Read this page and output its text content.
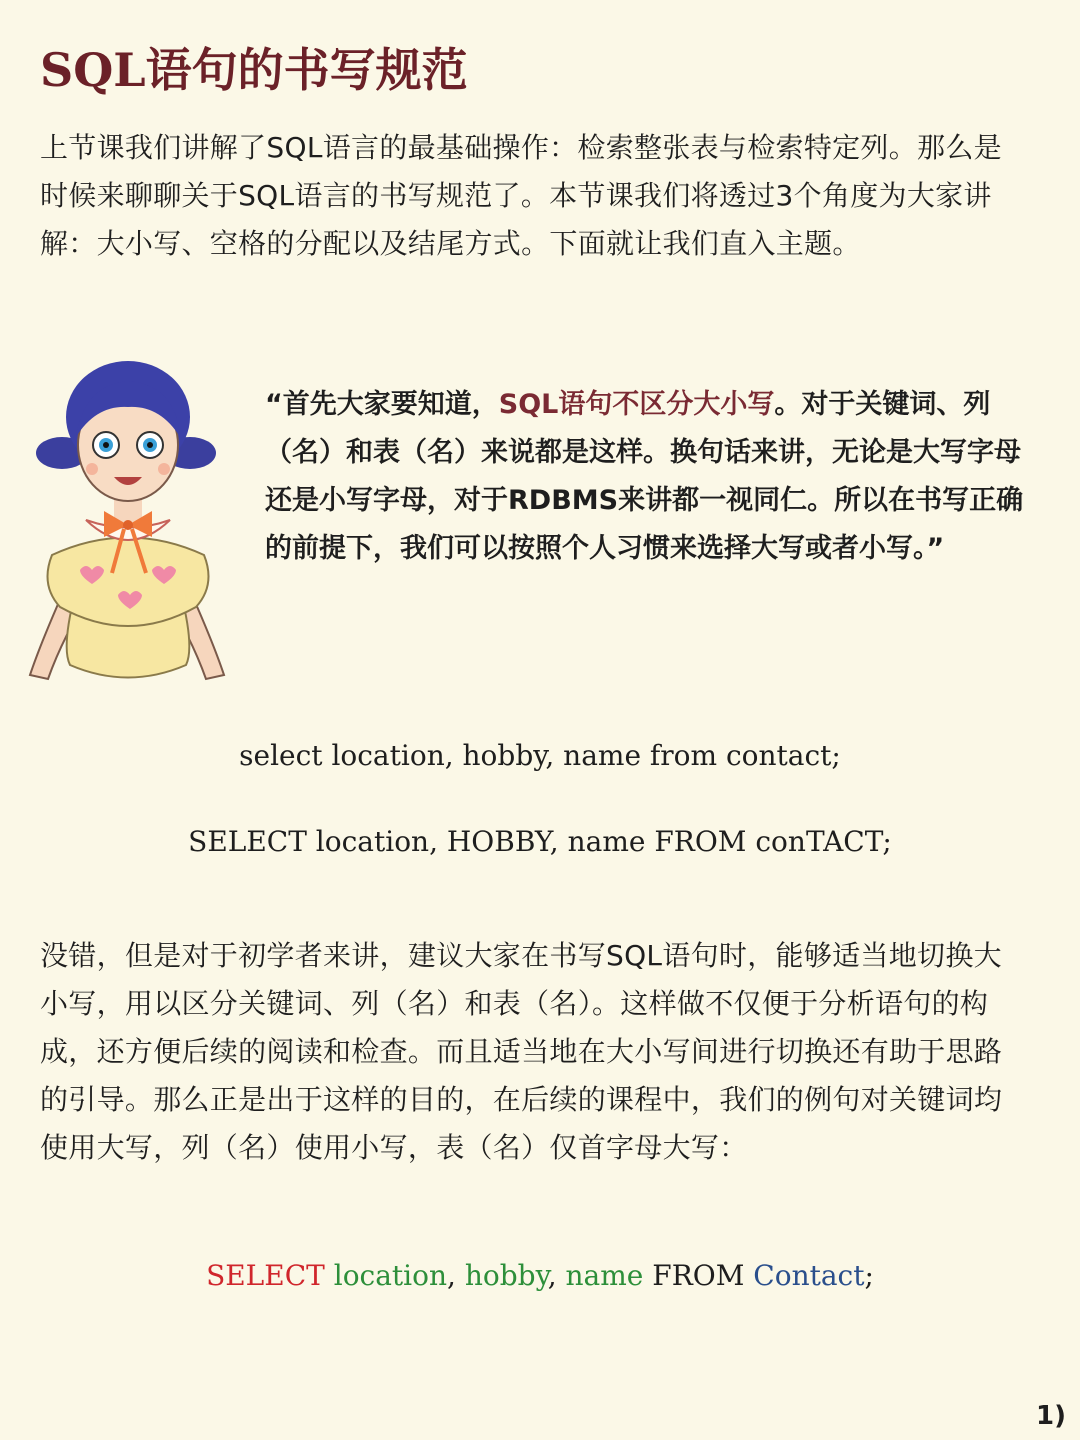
SQL语句的书写规范

上节课我们讲解了SQL语言的最基础操作：检索整张表与检索特定列。那么是时候来聊聊关于SQL语言的书写规范了。本节课我们将透过3个角度为大家讲解：大小写、空格的分配以及结尾方式。下面就让我们直入主题。

“首先大家要知道，SQL语句不区分大小写。对于关键词、列（名）和表（名）来说都是这样。换句话来讲，无论是大写字母还是小写字母，对于RDBMS来讲都一视同仁。所以在书写正确的前提下，我们可以按照个人习惯来选择大写或者小写。”

select location, hobby, name from contact;

SELECT location, HOBBY, name FROM conTACT;

没错，但是对于初学者来讲，建议大家在书写SQL语句时，能够适当地切换大小写，用以区分关键词、列（名）和表（名）。这样做不仅便于分析语句的构成，还方便后续的阅读和检查。而且适当地在大小写间进行切换还有助于思路的引导。那么正是出于这样的目的，在后续的课程中，我们的例句对关键词均使用大写，列（名）使用小写，表（名）仅首字母大写：

SELECT location, hobby, name FROM Contact;

1)
